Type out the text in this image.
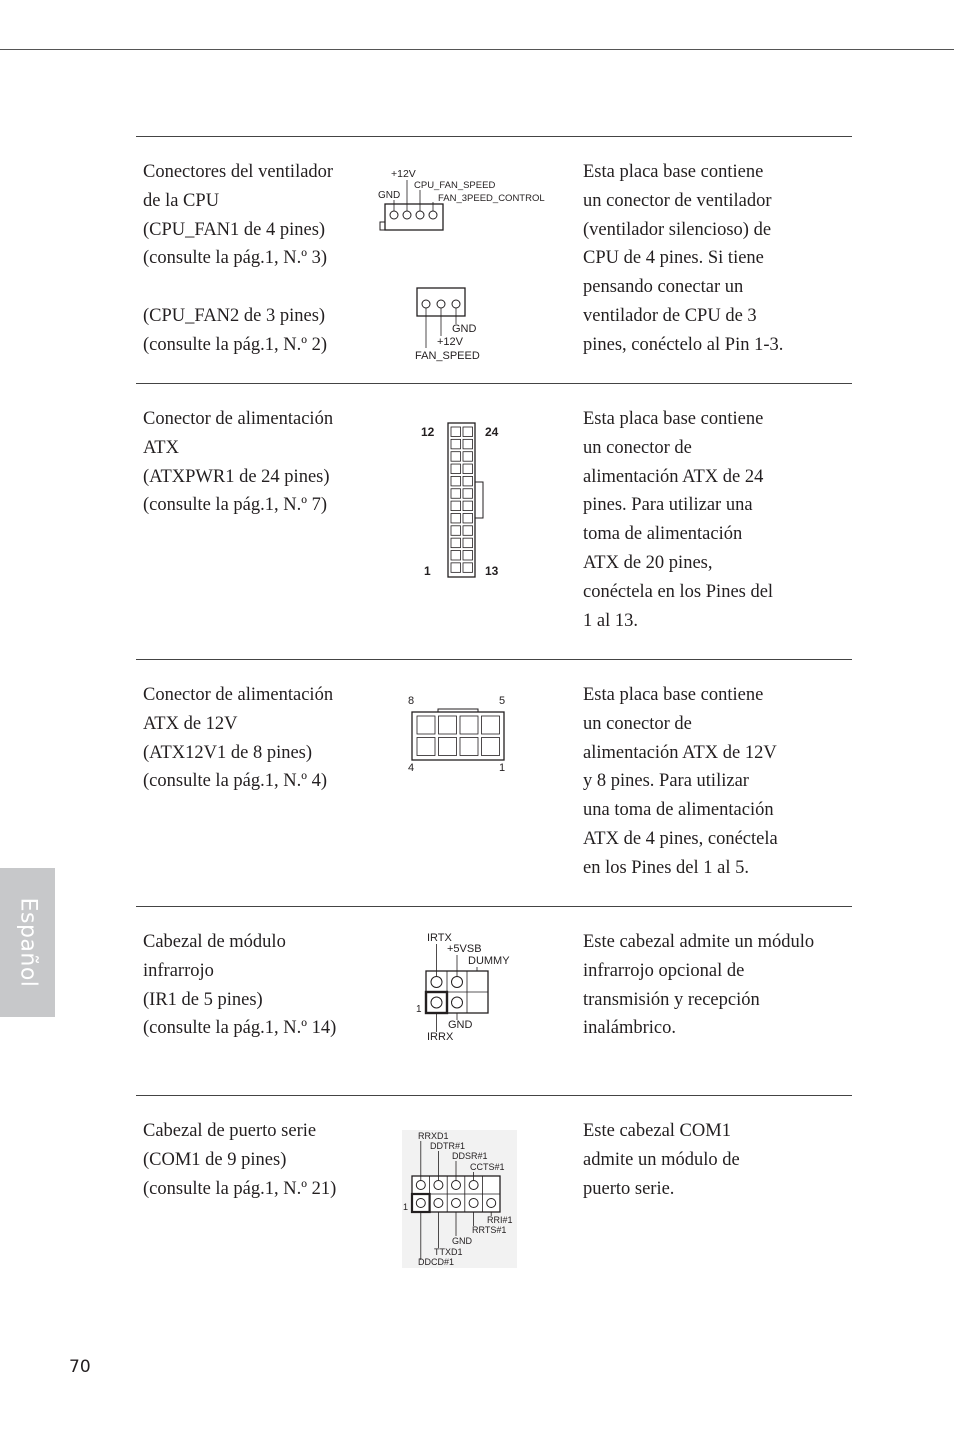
Conectores del ventilador

de la CPU

(CPU_FAN1 de 4 pines)

(consulte la pág.1, N.º 3)

(CPU_FAN2 de 3 pines)

(consulte la pág.1, N.º 2)

+12V
CPU_FAN_SPEED
GND	FAN_3PEED_CONTROL
GND
+12V
FAN_SPEED

Esta placa base contiene

un conector de ventilador

(ventilador silencioso) de

CPU de 4 pines. Si tiene

pensando conectar un

ventilador de CPU de 3

pines, conéctelo al Pin 1-3.

Conector de alimentación

ATX

(ATXPWR1 de 24 pines)

(consulte la pág.1, N.º 7)

12	24
1	13

Esta placa base contiene

un conector de

alimentación ATX de 24

pines. Para utilizar una

toma de alimentación

ATX de 20 pines,

conéctela en los Pines del

1 al 13.

Conector de alimentación

ATX de 12V

(ATX12V1 de 8 pines)

(consulte la pág.1, N.º 4)

8	5
4	1

Esta placa base contiene

un conector de

alimentación ATX de 12V

y 8 pines. Para utilizar

una toma de alimentación

ATX de 4 pines, conéctela

en los Pines del 1 al 5.

Cabezal de módulo

infrarrojo

(IR1 de 5 pines)

(consulte la pág.1, N.º 14)

IRTX
+5VSB
DUMMY
1
GND
IRRX

Este cabezal admite un módulo

infrarrojo opcional de

transmisión y recepción

inalámbrico.

Cabezal de puerto serie

(COM1 de 9 pines)

(consulte la pág.1, N.º 21)

RRXD1
DDTR#1
DDSR#1
CCTS#1
1
RRI#1
RRTS#1
GND
TTXD1
DDCD#1

Este cabezal COM1

admite un módulo de

puerto serie.

Español
70
